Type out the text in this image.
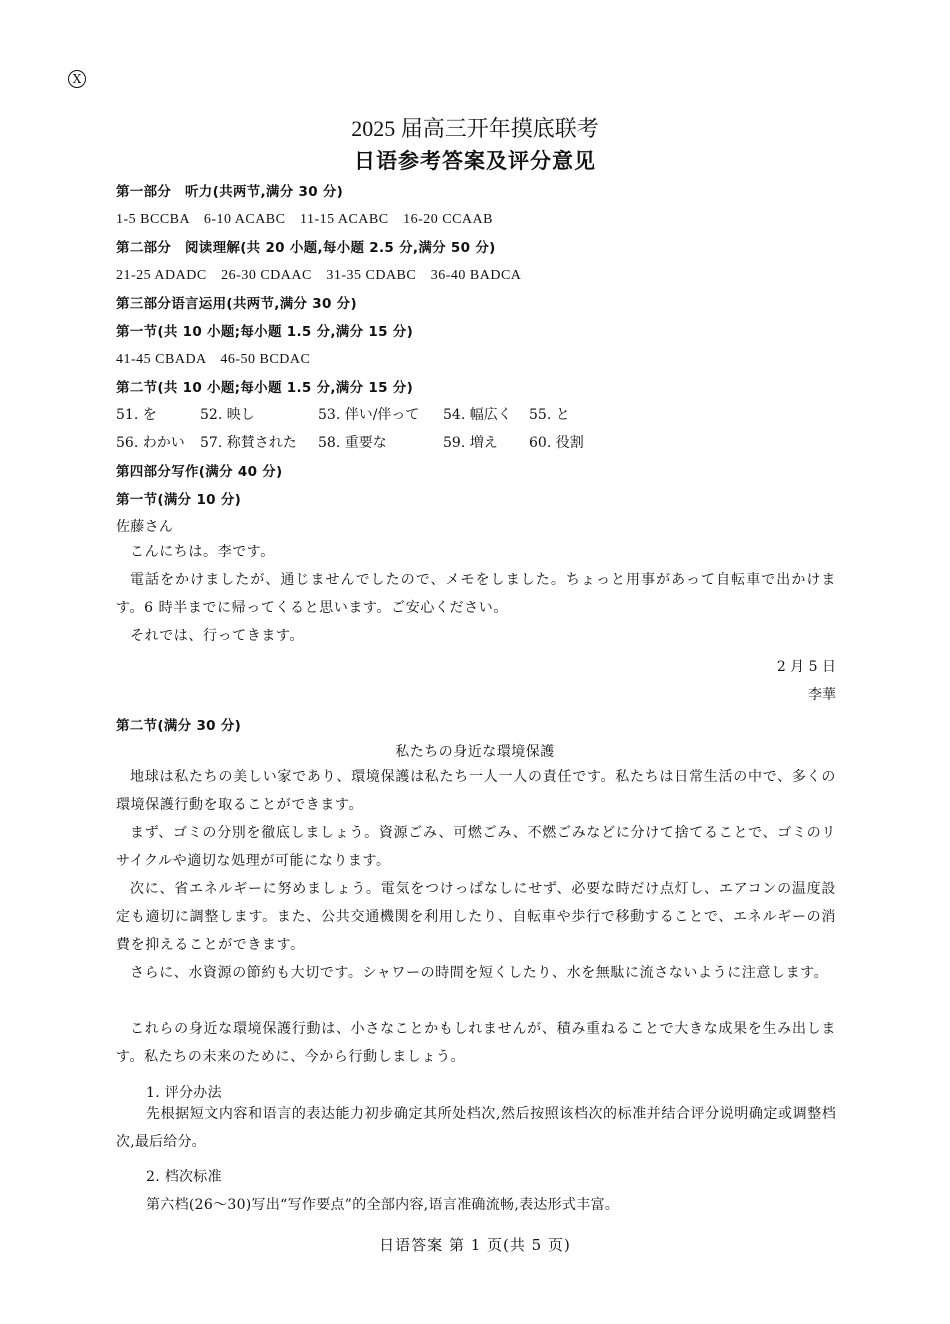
X
2025 届高三开年摸底联考
日语参考答案及评分意见
第一部分　听力(共两节,满分 30 分)
1-5 BCCBA　6-10 ACABC　11-15 ACABC　16-20 CCAAB
第二部分　阅读理解(共 20 小题,每小题 2.5 分,满分 50 分)
21-25 ADADC　26-30 CDAAC　31-35 CDABC　36-40 BADCA
第三部分语言运用(共两节,满分 30 分)
第一节(共 10 小题;每小题 1.5 分,满分 15 分)
41-45 CBADA　46-50 BCDAC
第二节(共 10 小题;每小题 1.5 分,满分 15 分)
51. を	52. 映し	53. 伴い/伴って 54. 幅広く 55. と
56. わかい 57. 称賛された 58. 重要な	59. 増え 60. 役割
第四部分写作(满分 40 分)
第一节(满分 10 分)
佐藤さん
こんにちは。李です。
電話をかけましたが、通じませんでしたので、メモをしました。ちょっと用事があって自転車で出かけます。6 時半までに帰ってくると思います。ご安心ください。
それでは、行ってきます。
2 月 5 日
李華
第二节(满分 30 分)
私たちの身近な環境保護
地球は私たちの美しい家であり、環境保護は私たち一人一人の責任です。私たちは日常生活の中で、多くの環境保護行動を取ることができます。
まず、ゴミの分別を徹底しましょう。資源ごみ、可燃ごみ、不燃ごみなどに分けて捨てることで、ゴミのリサイクルや適切な処理が可能になります。
次に、省エネルギーに努めましょう。電気をつけっぱなしにせず、必要な時だけ点灯し、エアコンの温度設定も適切に調整します。また、公共交通機関を利用したり、自転車や歩行で移動することで、エネルギーの消費を抑えることができます。
さらに、水資源の節約も大切です。シャワーの時間を短くしたり、水を無駄に流さないように注意します。
これらの身近な環境保護行動は、小さなことかもしれませんが、積み重ねることで大きな成果を生み出します。私たちの未来のために、今から行動しましょう。
1. 评分办法
先根据短文内容和语言的表达能力初步确定其所处档次,然后按照该档次的标准并结合评分说明确定或调整档次,最后给分。
2. 档次标准
第六档(26～30)写出“写作要点”的全部内容,语言准确流畅,表达形式丰富。
日语答案 第 1 页(共 5 页)
